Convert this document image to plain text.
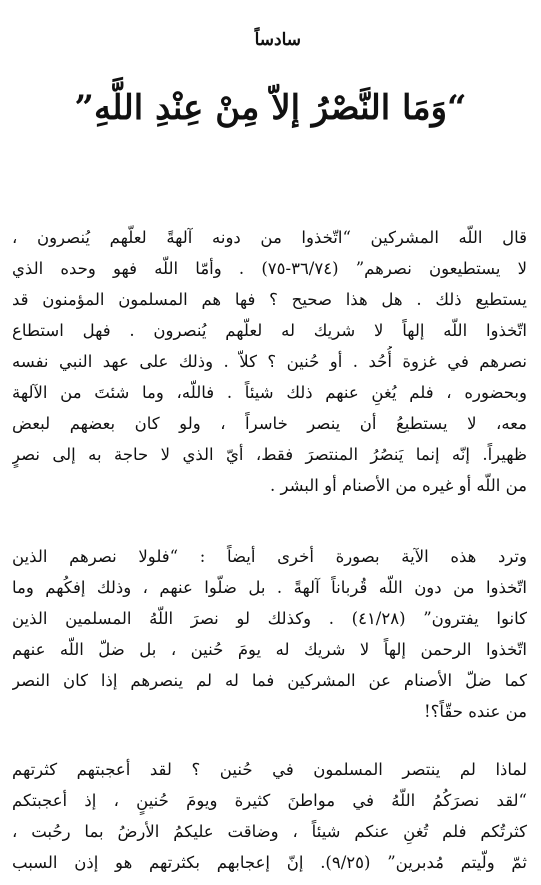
سادساً
“وَمَا النَّصْرُ إلاّ مِنْ عِنْدِ اللَّهِ”
قال اللّه المشركين “اتّخذوا من دونه آلهةً لعلّهم يُنصرون ،
لا يستطيعون نصرهم” (٣٦/٧٤-٧٥) . وأمّا اللّه فهو وحده الذي
يستطيع ذلك . هل هذا صحيح ؟ فها هم المسلمون المؤمنون قد
اتّخذوا اللّه إلهاً لا شريك له لعلّهم يُنصرون . فهل استطاع
نصرهم في غزوة أُحُد . أو حُنين ؟ كلاّ . وذلك على عهد النبي نفسه
وبحضوره ، فلم يُغنِ عنهم ذلك شيئاً . فاللّه، وما شئتَ من الآلهة
معه، لا يستطيعُ أن ينصر خاسراً ، ولو كان بعضهم لبعض
ظهيراً. إنّه إنما يَنصُرُ المنتصرَ فقط، أيّ الذي لا حاجة به إلى نصرٍ
من اللّه أو غيره من الأصنام أو البشر .
وترد هذه الآية بصورة أخرى أيضاً : “فلولا نصرهم الذين
اتّخذوا من دون اللّه قُرباناً آلهةً . بل ضلّوا عنهم ، وذلك إفكُهم وما
كانوا يفترون” (٤١/٢٨) . وكذلك لو نصرَ اللّهُ المسلمين الذين
اتّخذوا الرحمن إلهاً لا شريك له يومَ حُنين ، بل ضلّ اللّه عنهم
كما ضلّ الأصنام عن المشركين فما له لم ينصرهم إذا كان النصر
من عنده حقّاً؟!
لماذا لم ينتصر المسلمون في حُنين ؟ لقد أعجبتهم كثرتهم
“لقد نصرَكُمُ اللّهُ في مواطنَ كثيرة ويومَ حُنينٍ ، إذ أعجبتكم
كثرتُكم فلم تُغنِ عنكم شيئاً ، وضاقت عليكمُ الأرضُ بما رحُبت ،
ثمّ ولّيتم مُدبرين” (٩/٢٥). إنّ إعجابهم بكثرتهم هو إذن السبب
